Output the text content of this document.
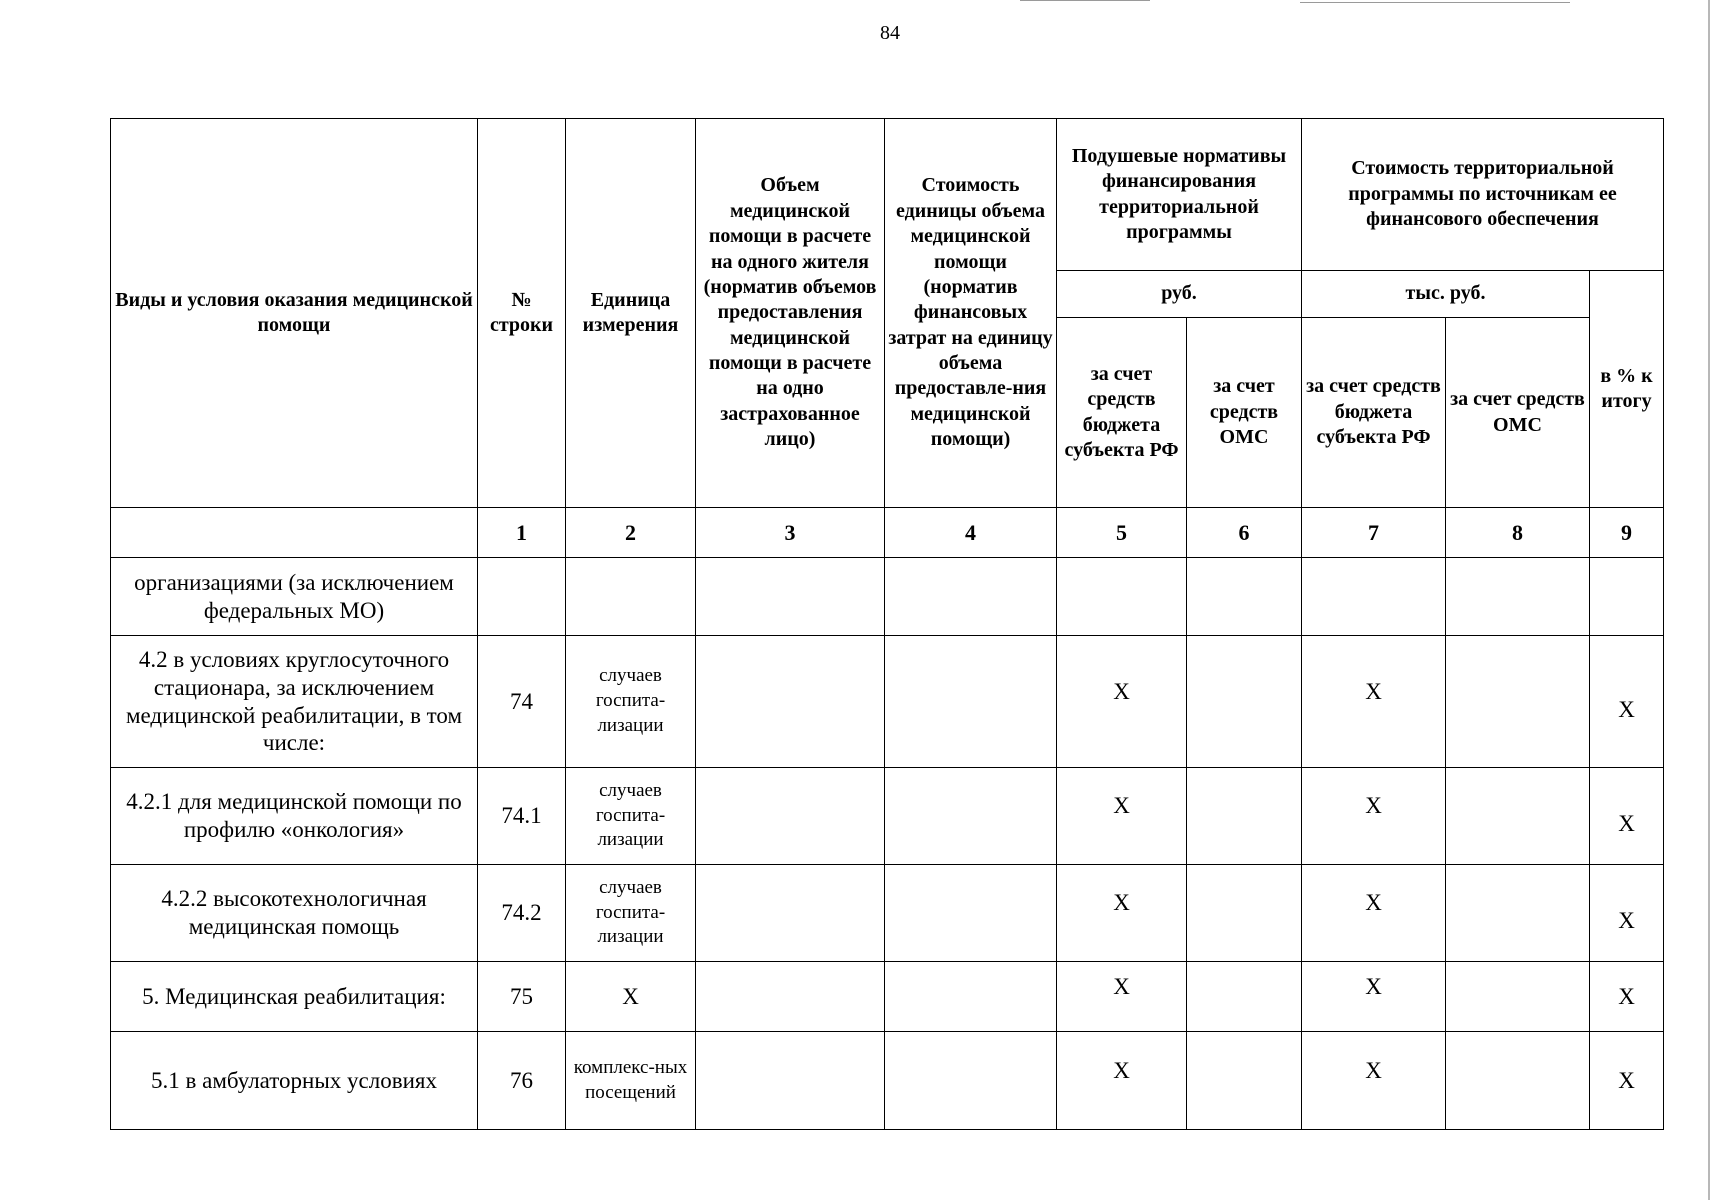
84
Виды и условия оказания медицинской помощи	№ строки	Единица измерения	Объем медицинской помощи в расчете на одного жителя (норматив объемов предоставления медицинской помощи в расчете на одно застрахованное лицо)	Стоимость единицы объема медицинской помощи (норматив финансовых затрат на единицу объема предоставле-ния медицинской помощи)	Подушевые нормативы финансирования территориальной программы		Стоимость территориальной программы по источникам ее финансового обеспечения		
					руб.		тыс. руб.		в % к итогу
					за счет средств бюджета субъекта РФ	за счет средств ОМС	за счет средств бюджета субъекта РФ	за счет средств ОМС	
	1	2	3	4	5	6	7	8	9
организациями (за исключением федеральных МО)									
4.2 в условиях круглосуточного стационара, за исключением медицинской реабилитации, в том числе:	74	случаев госпита-лизации			Х		Х		Х
4.2.1 для медицинской помощи по профилю «онкология»	74.1	случаев госпита-лизации			Х		Х		Х
4.2.2 высокотехнологичная медицинская помощь	74.2	случаев госпита-лизации			Х		Х		Х
5. Медицинская реабилитация:	75	Х			Х		Х		Х
5.1 в амбулаторных условиях	76	комплекс-ных посещений			Х		Х		Х
